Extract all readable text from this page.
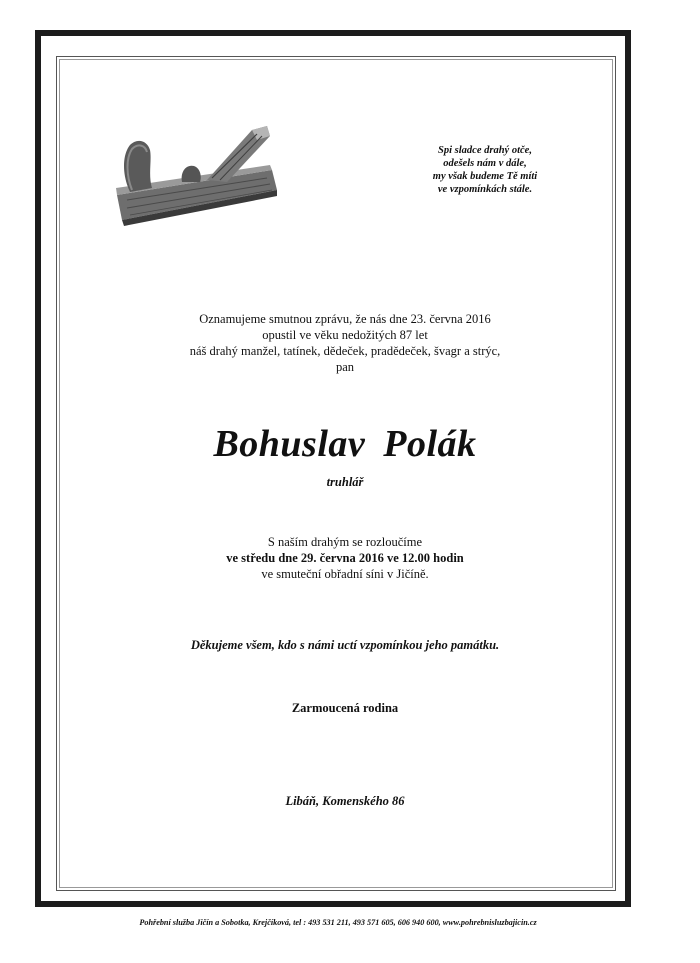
Spi sladce drahý otče,
odešels nám v dále,
my však budeme Tě míti
ve vzpomínkách stále.
Oznamujeme smutnou zprávu, že nás dne 23. června 2016
opustil ve věku nedožitých 87 let
náš drahý manžel, tatínek, dědeček, pradědeček, švagr a strýc,
pan
Bohuslav Polák
truhlář
S naším drahým se rozloučíme
ve středu dne 29. června 2016 ve 12.00 hodin
ve smuteční obřadní síni v Jičíně.
Děkujeme všem, kdo s námi uctí vzpomínkou jeho památku.
Zarmoucená rodina
Libáň, Komenského 86
Pohřební služba Jičín a Sobotka, Krejčíková, tel : 493 531 211, 493 571 605, 606 940 600, www.pohrebnisluzbajicin.cz
